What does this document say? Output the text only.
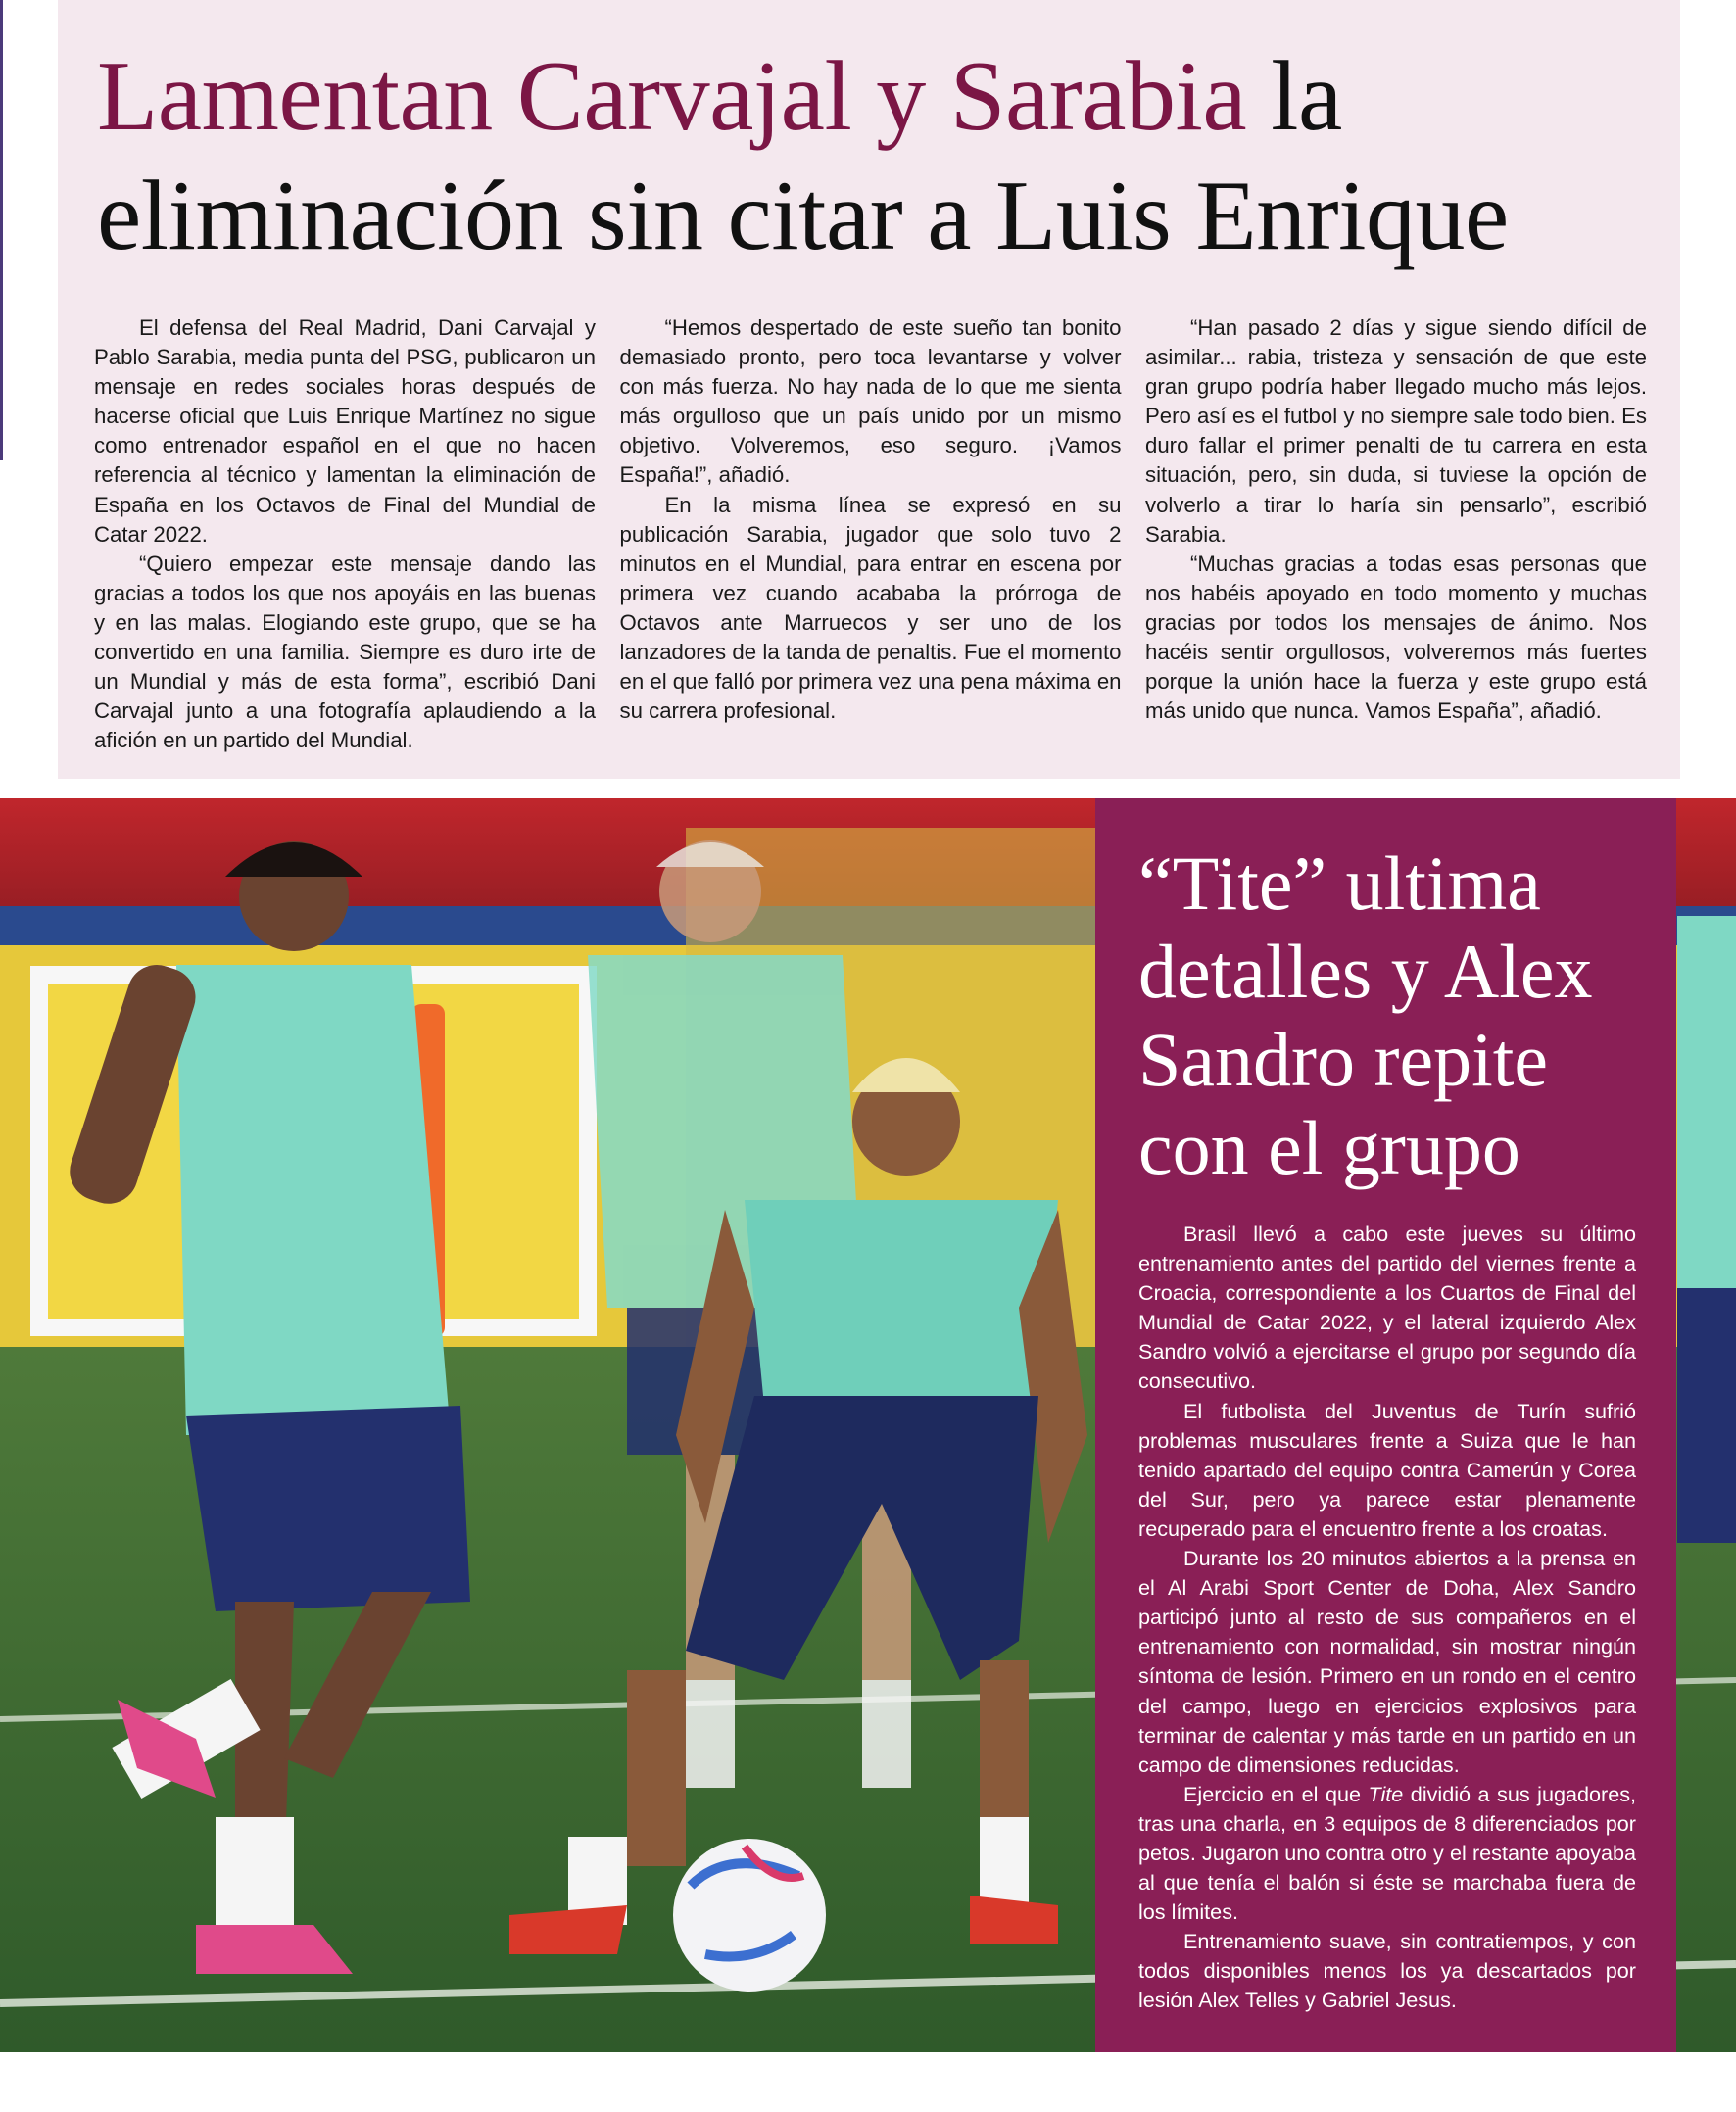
Lamentan Carvajal y Sarabia la eliminación sin citar a Luis Enrique

El defensa del Real Madrid, Dani Carvajal y Pablo Sarabia, media punta del PSG, publicaron un mensaje en redes sociales horas después de hacerse oficial que Luis Enrique Martínez no sigue como entrenador español en el que no hacen referencia al técnico y lamentan la eliminación de España en los Octavos de Final del Mundial de Catar 2022.

“Quiero empezar este mensaje dando las gracias a todos los que nos apoyáis en las buenas y en las malas. Elogiando este grupo, que se ha convertido en una familia. Siempre es duro irte de un Mundial y más de esta forma”, escribió Dani Carvajal junto a una fotografía aplaudiendo a la afición en un partido del Mundial.

“Hemos despertado de este sueño tan bonito demasiado pronto, pero toca levantarse y volver con más fuerza. No hay nada de lo que me sienta más orgulloso que un país unido por un mismo objetivo. Volveremos, eso seguro. ¡Vamos España!”, añadió.

En la misma línea se expresó en su publicación Sarabia, jugador que solo tuvo 2 minutos en el Mundial, para entrar en escena por primera vez cuando acababa la prórroga de Octavos ante Marruecos y ser uno de los lanzadores de la tanda de penaltis. Fue el momento en el que falló por primera vez una pena máxima en su carrera profesional.

“Han pasado 2 días y sigue siendo difícil de asimilar... rabia, tristeza y sensación de que este gran grupo podría haber llegado mucho más lejos. Pero así es el futbol y no siempre sale todo bien. Es duro fallar el primer penalti de tu carrera en esta situación, pero, sin duda, si tuviese la opción de volverlo a tirar lo haría sin pensarlo”, escribió Sarabia.

“Muchas gracias a todas esas personas que nos habéis apoyado en todo momento y muchas gracias por todos los mensajes de ánimo. Nos hacéis sentir orgullosos, volveremos más fuertes porque la unión hace la fuerza y este grupo está más unido que nunca. Vamos España”, añadió.

“Tite” ultima detalles y Alex Sandro repite con el grupo

Brasil llevó a cabo este jueves su último entrenamiento antes del partido del viernes frente a Croacia, correspondiente a los Cuartos de Final del Mundial de Catar 2022, y el lateral izquierdo Alex Sandro volvió a ejercitarse el grupo por segundo día consecutivo.

El futbolista del Juventus de Turín sufrió problemas musculares frente a Suiza que le han tenido apartado del equipo contra Camerún y Corea del Sur, pero ya parece estar plenamente recuperado para el encuentro frente a los croatas.

Durante los 20 minutos abiertos a la prensa en el Al Arabi Sport Center de Doha, Alex Sandro participó junto al resto de sus compañeros en el entrenamiento con normalidad, sin mostrar ningún síntoma de lesión. Primero en un rondo en el centro del campo, luego en ejercicios explosivos para terminar de calentar y más tarde en un partido en un campo de dimensiones reducidas.

Ejercicio en el que Tite dividió a sus jugadores, tras una charla, en 3 equipos de 8 diferenciados por petos. Jugaron uno contra otro y el restante apoyaba al que tenía el balón si éste se marchaba fuera de los límites.

Entrenamiento suave, sin contratiempos, y con todos disponibles menos los ya descartados por lesión Alex Telles y Gabriel Jesus.
